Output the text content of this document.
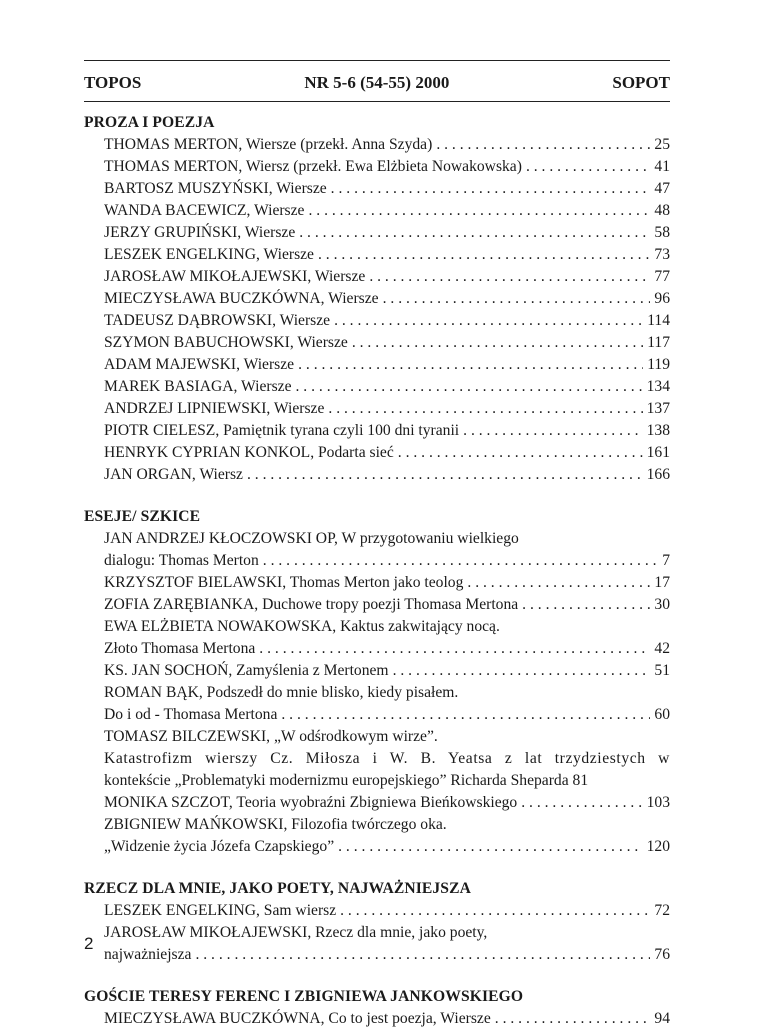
TOPOS	NR 5-6 (54-55) 2000	SOPOT
PROZA I POEZJA
THOMAS MERTON, Wiersze (przekł. Anna Szyda) . . .	25
THOMAS MERTON, Wiersz (przekł. Ewa Elżbieta Nowakowska) . . .	41
BARTOSZ MUSZYŃSKI, Wiersze . . .	47
WANDA BACEWICZ, Wiersze . . .	48
JERZY GRUPIŃSKI, Wiersze . . .	58
LESZEK ENGELKING, Wiersze . . .	73
JAROSŁAW MIKOŁAJEWSKI, Wiersze . . .	77
MIECZYSŁAWA BUCZKÓWNA, Wiersze . . .	96
TADEUSZ DĄBROWSKI, Wiersze . . .	114
SZYMON BABUCHOWSKI, Wiersze . . .	117
ADAM MAJEWSKI, Wiersze . . .	119
MAREK BASIAGA, Wiersze . . .	134
ANDRZEJ LIPNIEWSKI, Wiersze . . .	137
PIOTR CIELESZ, Pamiętnik tyrana czyli 100 dni tyranii . . .	138
HENRYK CYPRIAN KONKOL, Podarta sieć . . .	161
JAN ORGAN, Wiersz . . .	166
ESEJE/ SZKICE
JAN ANDRZEJ KŁOCZOWSKI OP, W przygotowaniu wielkiego
dialogu: Thomas Merton . . .	7
KRZYSZTOF BIELAWSKI, Thomas Merton jako teolog . . .	17
ZOFIA ZARĘBIANKA, Duchowe tropy poezji Thomasa Mertona . . .	30
EWA ELŻBIETA NOWAKOWSKA, Kaktus zakwitający nocą.
Złoto Thomasa Mertona . . .	42
KS. JAN SOCHOŃ, Zamyślenia z Mertonem . . .	51
ROMAN BĄK, Podszedł do mnie blisko, kiedy pisałem.
Do i od - Thomasa Mertona . . .	60
TOMASZ BILCZEWSKI, „W odśrodkowym wirze”.
Katastrofizm wierszy Cz. Miłosza i W. B. Yeatsa z lat trzydziestych w
kontekście „Problematyki modernizmu europejskiego” Richarda Sheparda 81
MONIKA SZCZOT, Teoria wyobraźni Zbigniewa Bieńkowskiego . . .	103
ZBIGNIEW MAŃKOWSKI, Filozofia twórczego oka.
„Widzenie życia Józefa Czapskiego” . . .	120
RZECZ DLA MNIE, JAKO POETY, NAJWAŻNIEJSZA
LESZEK ENGELKING, Sam wiersz . . .	72
JAROSŁAW MIKOŁAJEWSKI, Rzecz dla mnie, jako poety,
najważniejsza . . .	76
GOŚCIE TERESY FERENC I ZBIGNIEWA JANKOWSKIEGO
MIECZYSŁAWA BUCZKÓWNA, Co to jest poezja, Wiersze . . .	94
2
